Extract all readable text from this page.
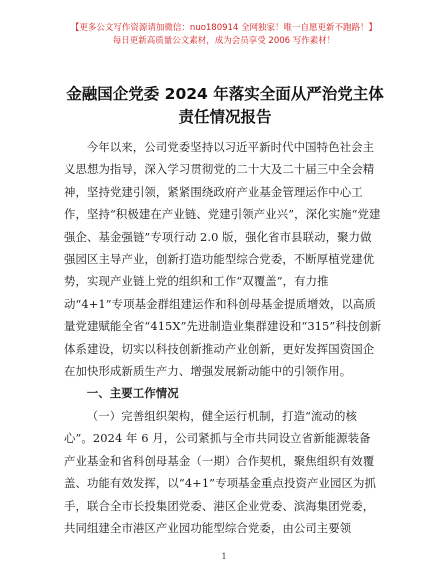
【更多公文写作资源请加微信：nuo180914 全网独家！唯一自愿更新不跑路！】
每日更新高质量公文素材，成为会员享受 2006 写作素材！
金融国企党委 2024 年落实全面从严治党主体责任情况报告

今年以来，公司党委坚持以习近平新时代中国特色社会主义思想为指导，深入学习贯彻党的二十大及二十届三中全会精神，坚持党建引领，紧紧围绕政府产业基金管理运作中心工作，坚持“积极建在产业链、党建引领产业兴”，深化实施“党建强企、基金强链”专项行动 2.0 版，强化省市县联动，聚力做强园区主导产业，创新打造功能型综合党委，不断厚植党建优势，实现产业链上党的组织和工作“双覆盖”，有力推动“4+1”专项基金群组建运作和科创母基金提质增效，以高质量党建赋能全省“415X”先进制造业集群建设和“315”科技创新体系建设，切实以科技创新推动产业创新，更好发挥国资国企在加快形成新质生产力、增强发展新动能中的引领作用。

一、主要工作情况

（一）完善组织架构，健全运行机制，打造“流动的核心”。2024 年 6 月，公司紧抓与全市共同设立省新能源装备产业基金和省科创母基金（一期）合作契机，聚焦组织有效覆盖、功能有效发挥，以“4+1”专项基金重点投资产业园区为抓手，联合全市长投集团党委、港区企业党委、滨海集团党委，共同组建全市港区产业园功能型综合党委，由公司主要领

1
